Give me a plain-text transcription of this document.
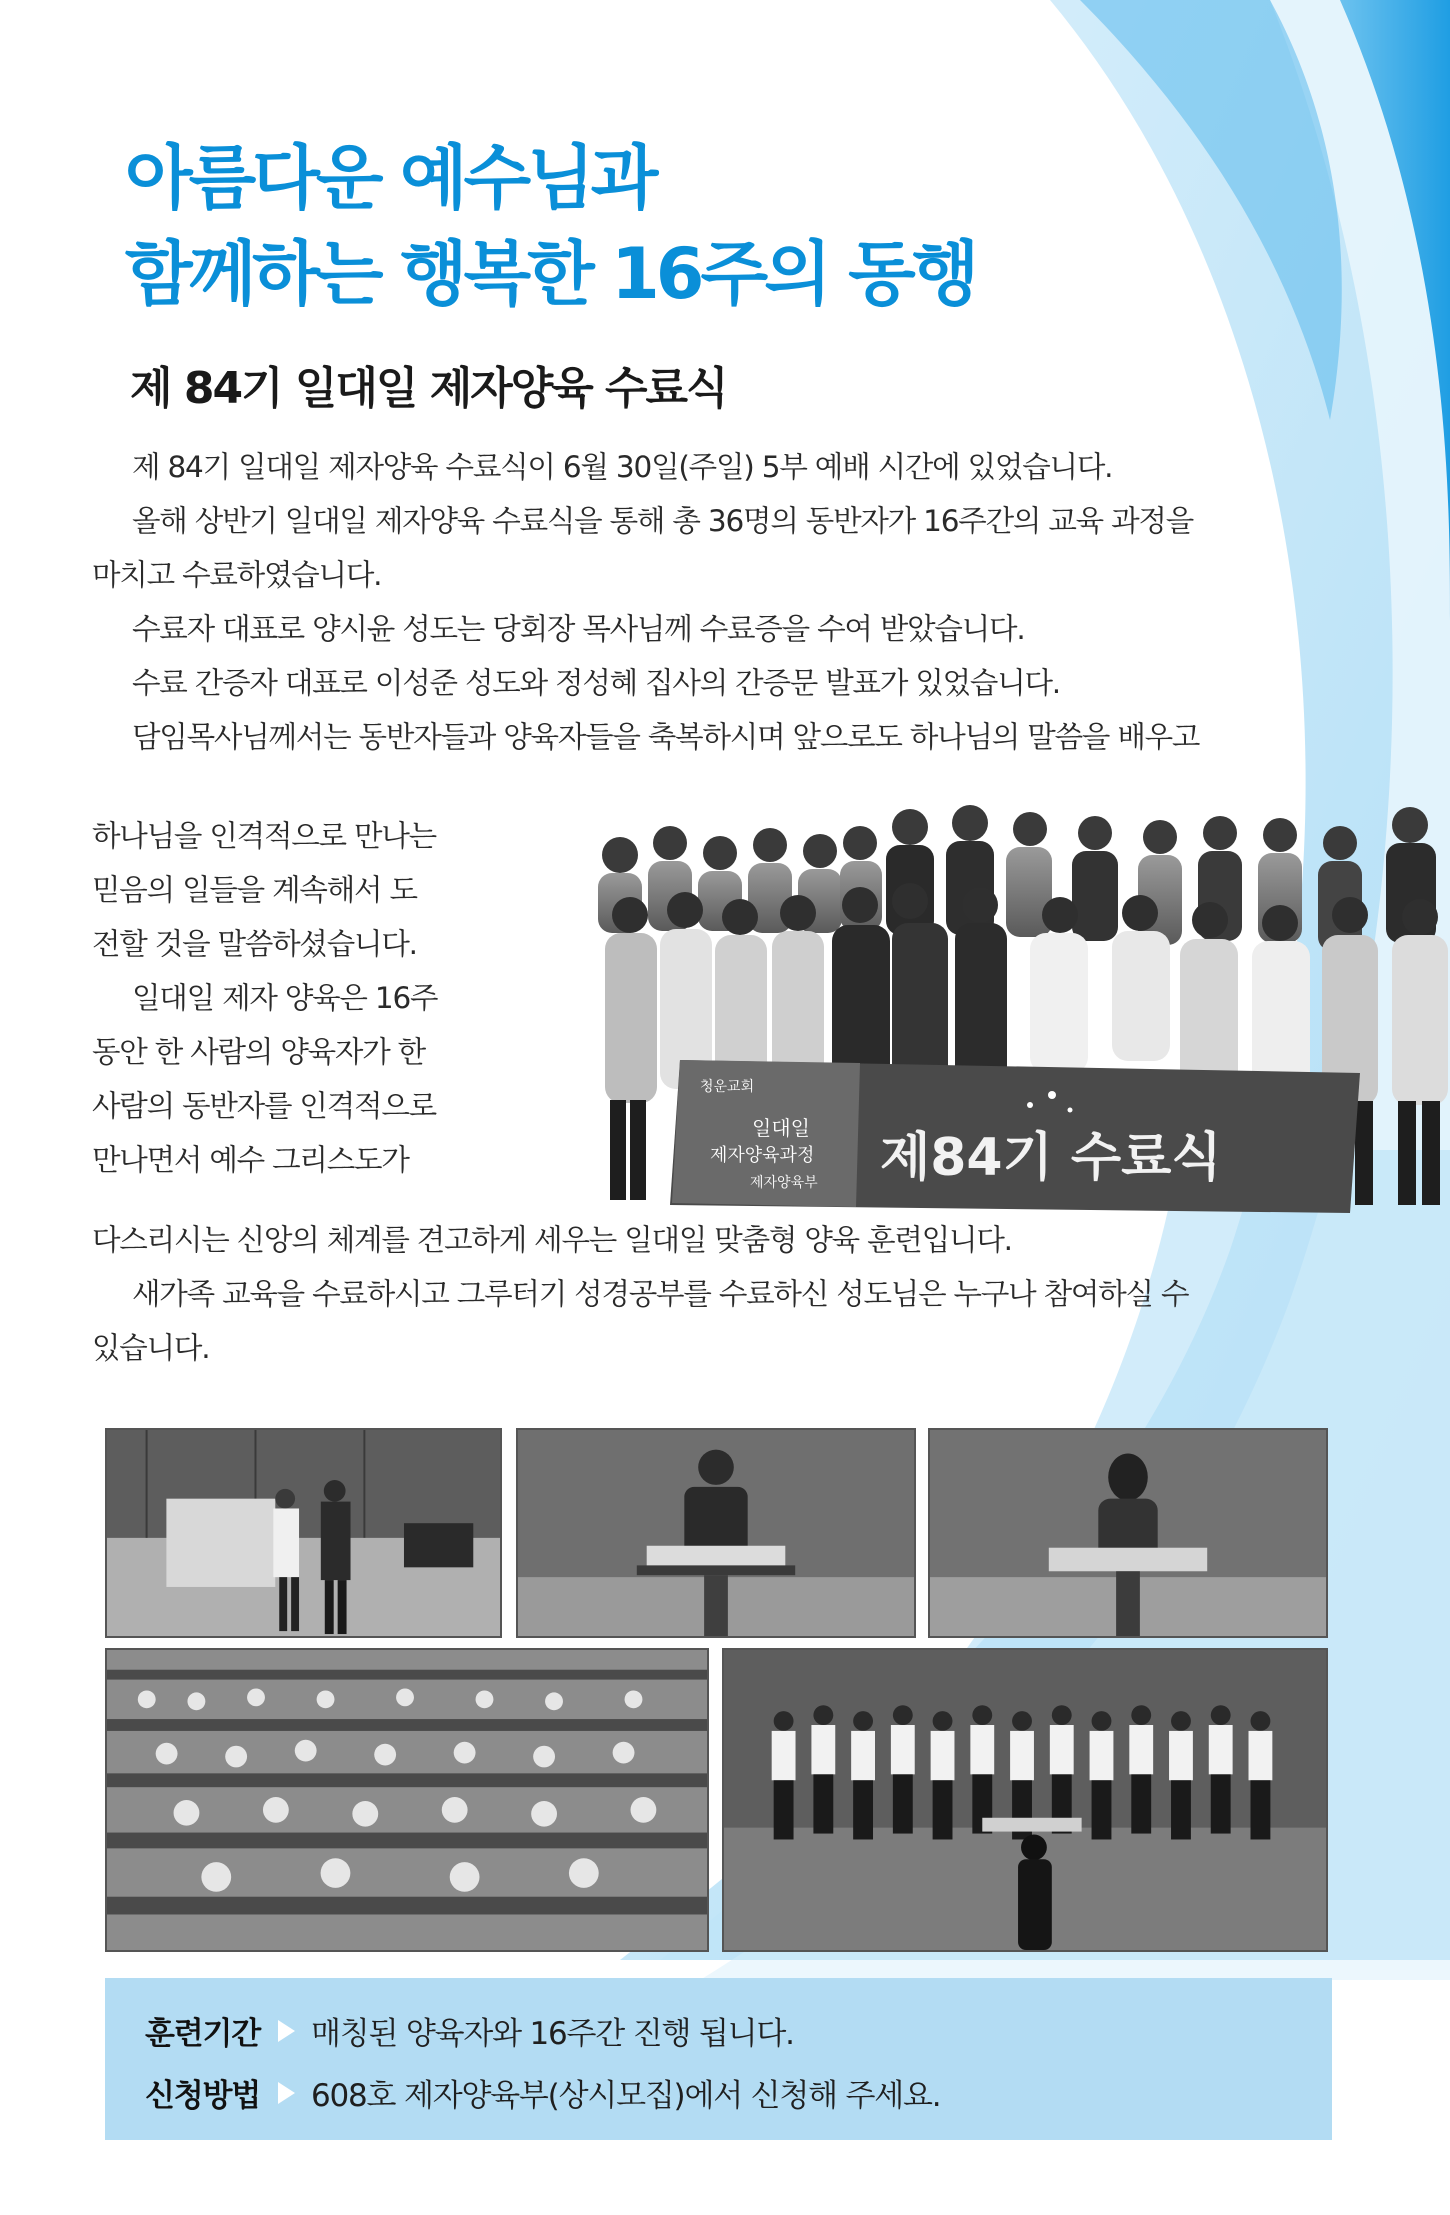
아름다운 예수님과
함께하는 행복한 16주의 동행
제 84기 일대일 제자양육 수료식
제 84기 일대일 제자양육 수료식이 6월 30일(주일) 5부 예배 시간에 있었습니다.
올해 상반기 일대일 제자양육 수료식을 통해 총 36명의 동반자가 16주간의 교육 과정을
마치고 수료하였습니다.
수료자 대표로 양시윤 성도는 당회장 목사님께 수료증을 수여 받았습니다.
수료 간증자 대표로 이성준 성도와 정성혜 집사의 간증문 발표가 있었습니다.
담임목사님께서는 동반자들과 양육자들을 축복하시며 앞으로도 하나님의 말씀을 배우고
하나님을 인격적으로 만나는
믿음의 일들을 계속해서 도
전할 것을 말씀하셨습니다.
일대일 제자 양육은 16주
동안 한 사람의 양육자가 한
사람의 동반자를 인격적으로
만나면서 예수 그리스도가
다스리시는 신앙의 체계를 견고하게 세우는 일대일 맞춤형 양육 훈련입니다.
새가족 교육을 수료하시고 그루터기 성경공부를 수료하신 성도님은 누구나 참여하실 수
있습니다.
청운교회
일대일
제자양육과정
제자양육부 제84기 수료식
훈련기간 매칭된 양육자와 16주간 진행 됩니다.
신청방법 608호 제자양육부(상시모집)에서 신청해 주세요.
